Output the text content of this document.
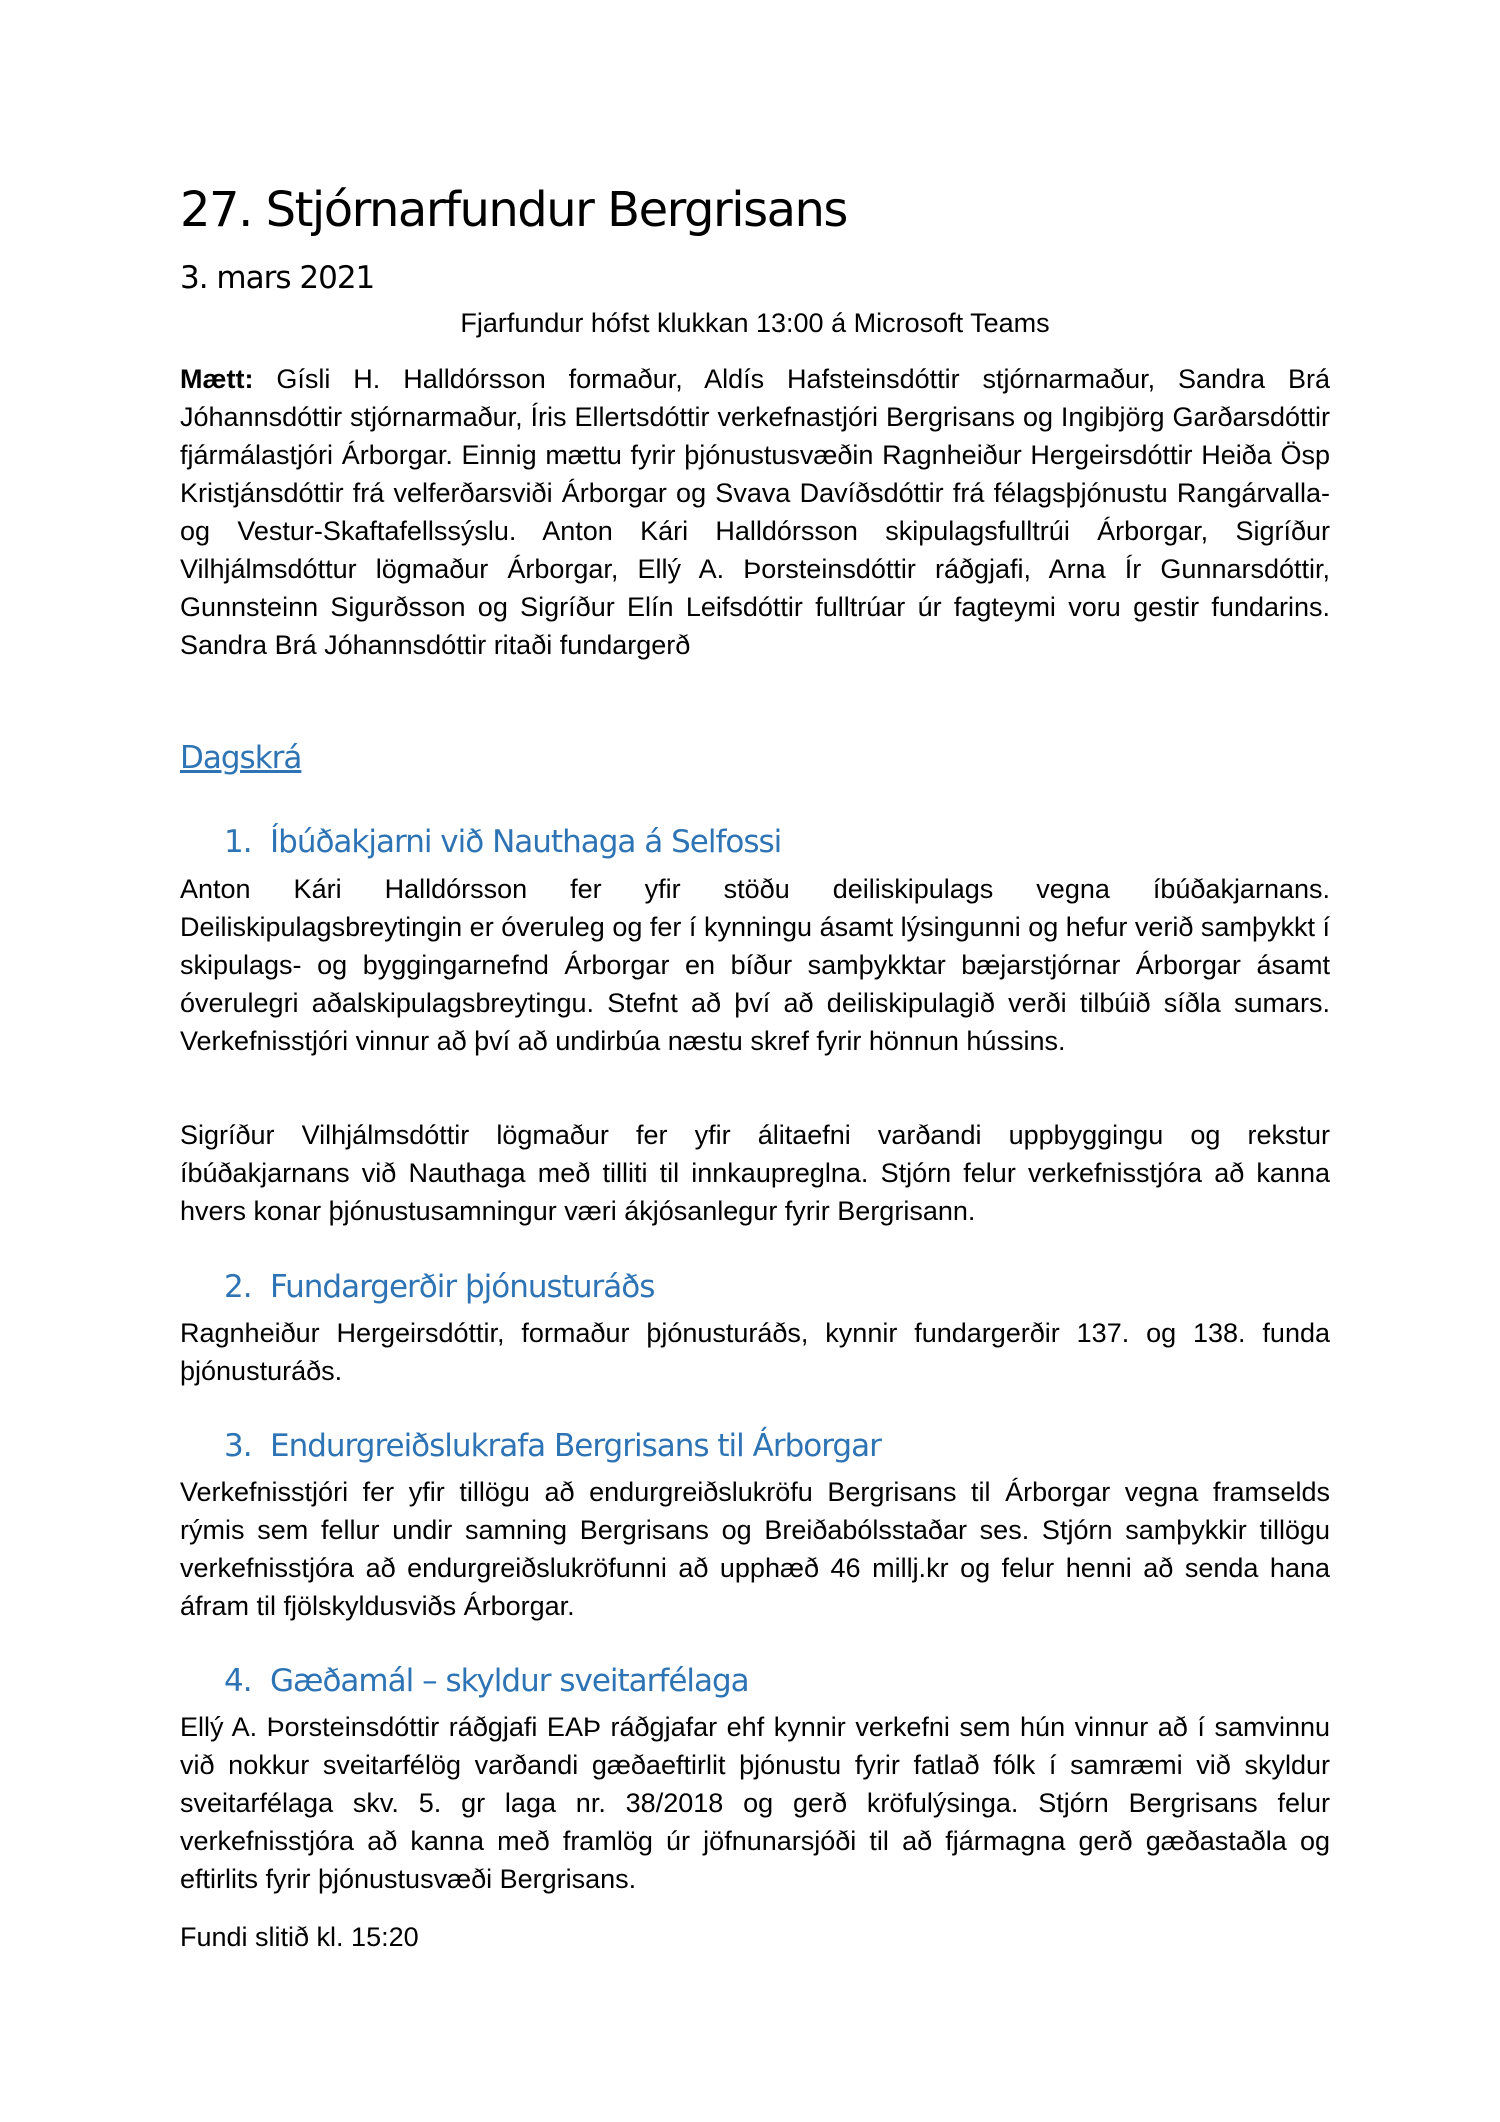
27. Stjórnarfundur Bergrisans
3. mars 2021
Fjarfundur hófst klukkan 13:00 á Microsoft Teams

Mætt: Gísli H. Halldórsson formaður, Aldís Hafsteinsdóttir stjórnarmaður, Sandra Brá Jóhannsdóttir stjórnarmaður, Íris Ellertsdóttir verkefnastjóri Bergrisans og Ingibjörg Garðarsdóttir fjármálastjóri Árborgar. Einnig mættu fyrir þjónustusvæðin Ragnheiður Hergeirsdóttir Heiða Ösp Kristjánsdóttir frá velferðarsviði Árborgar og Svava Davíðsdóttir frá félagsþjónustu Rangárvalla- og Vestur-Skaftafellssýslu. Anton Kári Halldórsson skipulagsfulltrúi Árborgar, Sigríður Vilhjálmsdóttur lögmaður Árborgar, Ellý A. Þorsteinsdóttir ráðgjafi, Arna Ír Gunnarsdóttir, Gunnsteinn Sigurðsson og Sigríður Elín Leifsdóttir fulltrúar úr fagteymi voru gestir fundarins. Sandra Brá Jóhannsdóttir ritaði fundargerð

Dagskrá
1. Íbúðakjarni við Nauthaga á Selfossi

Anton Kári Halldórsson fer yfir stöðu deiliskipulags vegna íbúðakjarnans. Deiliskipulagsbreytingin er óveruleg og fer í kynningu ásamt lýsingunni og hefur verið samþykkt í skipulags- og byggingarnefnd Árborgar en bíður samþykktar bæjarstjórnar Árborgar ásamt óverulegri aðalskipulagsbreytingu. Stefnt að því að deiliskipulagið verði tilbúið síðla sumars. Verkefnisstjóri vinnur að því að undirbúa næstu skref fyrir hönnun hússins.

Sigríður Vilhjálmsdóttir lögmaður fer yfir álitaefni varðandi uppbyggingu og rekstur íbúðakjarnans við Nauthaga með tilliti til innkaupreglna. Stjórn felur verkefnisstjóra að kanna hvers konar þjónustusamningur væri ákjósanlegur fyrir Bergrisann.

2. Fundargerðir þjónusturáðs

Ragnheiður Hergeirsdóttir, formaður þjónusturáðs, kynnir fundargerðir 137. og 138. funda þjónusturáðs.

3. Endurgreiðslukrafa Bergrisans til Árborgar

Verkefnisstjóri fer yfir tillögu að endurgreiðslukröfu Bergrisans til Árborgar vegna framselds rýmis sem fellur undir samning Bergrisans og Breiðabólsstaðar ses. Stjórn samþykkir tillögu verkefnisstjóra að endurgreiðslukröfunni að upphæð 46 millj.kr og felur henni að senda hana áfram til fjölskyldusviðs Árborgar.

4. Gæðamál – skyldur sveitarfélaga

Ellý A. Þorsteinsdóttir ráðgjafi EAÞ ráðgjafar ehf kynnir verkefni sem hún vinnur að í samvinnu við nokkur sveitarfélög varðandi gæðaeftirlit þjónustu fyrir fatlað fólk í samræmi við skyldur sveitarfélaga skv. 5. gr laga nr. 38/2018 og gerð kröfulýsinga. Stjórn Bergrisans felur verkefnisstjóra að kanna með framlög úr jöfnunarsjóði til að fjármagna gerð gæðastaðla og eftirlits fyrir þjónustusvæði Bergrisans.

Fundi slitið kl. 15:20
